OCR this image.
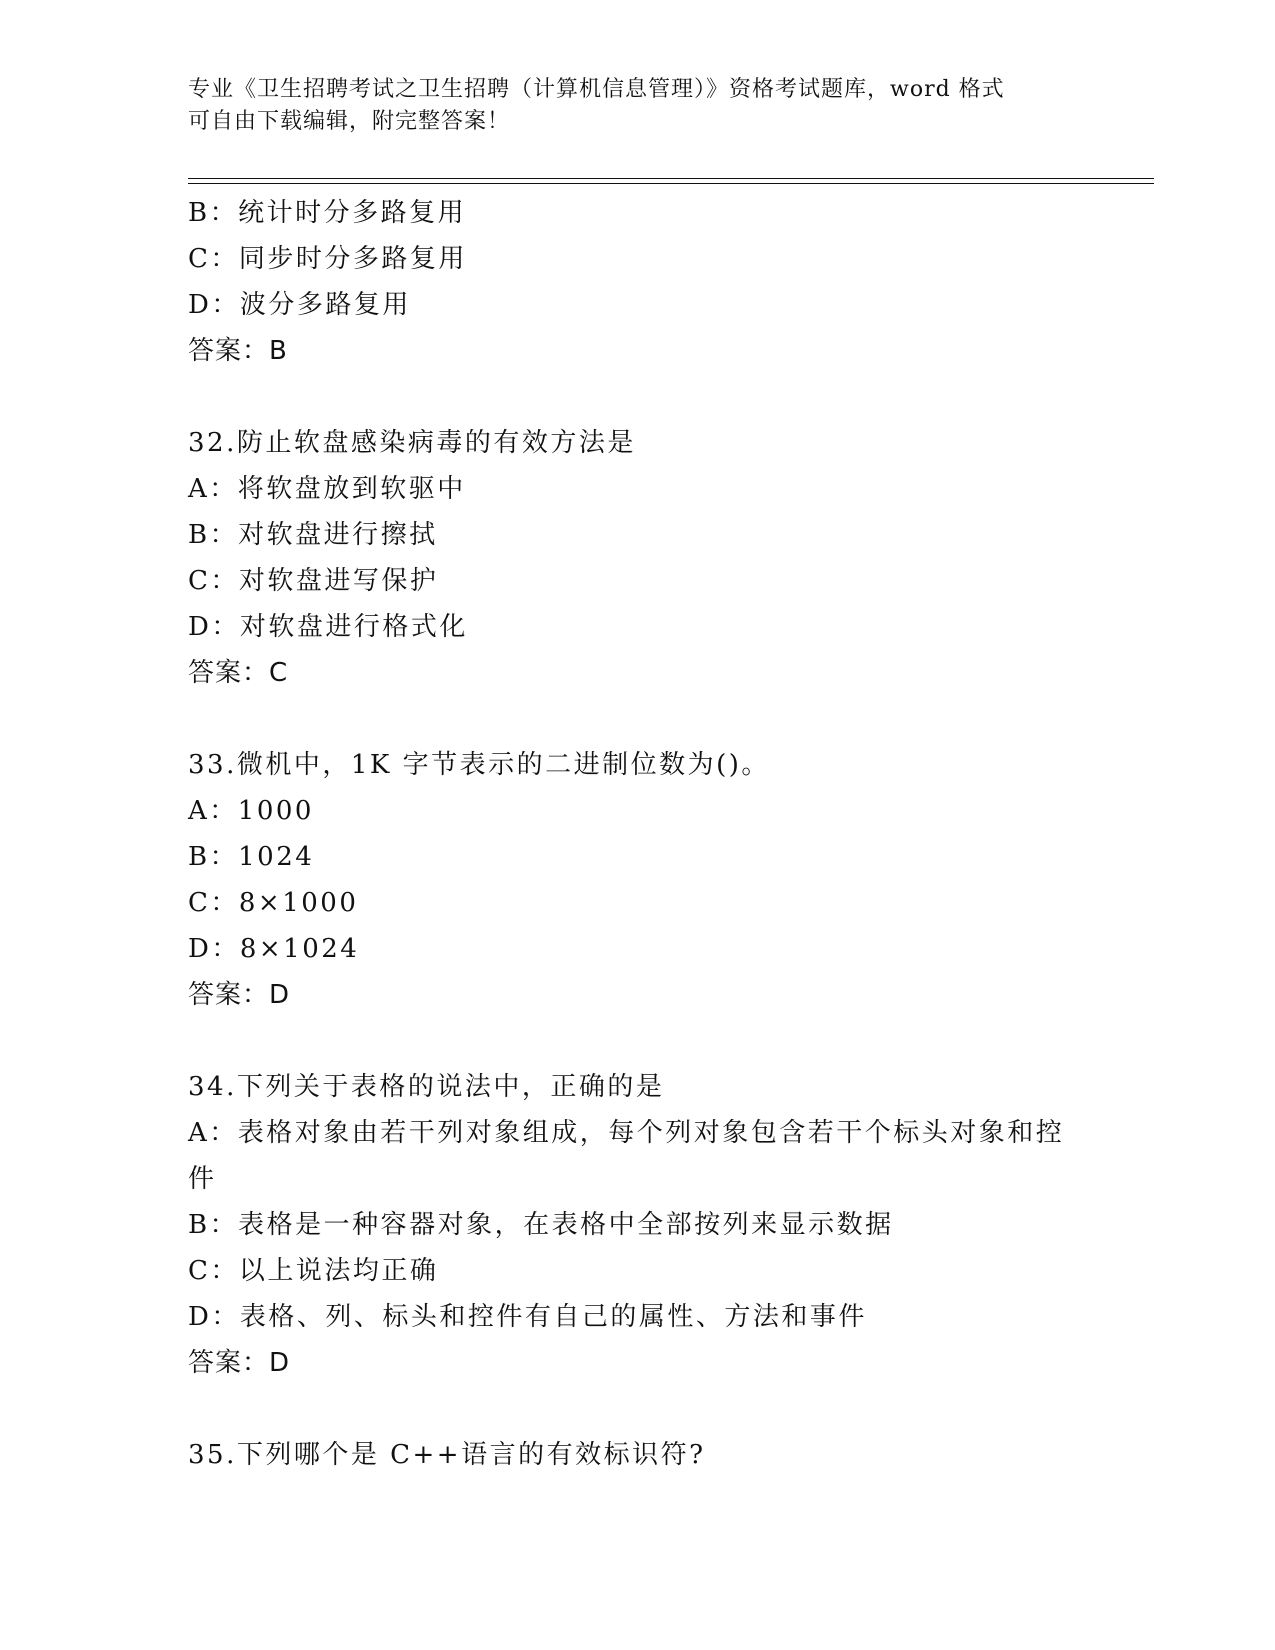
专业《卫生招聘考试之卫生招聘（计算机信息管理）》资格考试题库，word 格式
可自由下载编辑，附完整答案！
B：统计时分多路复用
C：同步时分多路复用
D：波分多路复用
答案：B
32.防止软盘感染病毒的有效方法是
A：将软盘放到软驱中
B：对软盘进行擦拭
C：对软盘进写保护
D：对软盘进行格式化
答案：C
33.微机中，1K 字节表示的二进制位数为()。
A：1000
B：1024
C：8×1000
D：8×1024
答案：D
34.下列关于表格的说法中，正确的是
A：表格对象由若干列对象组成，每个列对象包含若干个标头对象和控件
B：表格是一种容器对象，在表格中全部按列来显示数据
C：以上说法均正确
D：表格、列、标头和控件有自己的属性、方法和事件
答案：D
35.下列哪个是 C++语言的有效标识符?
